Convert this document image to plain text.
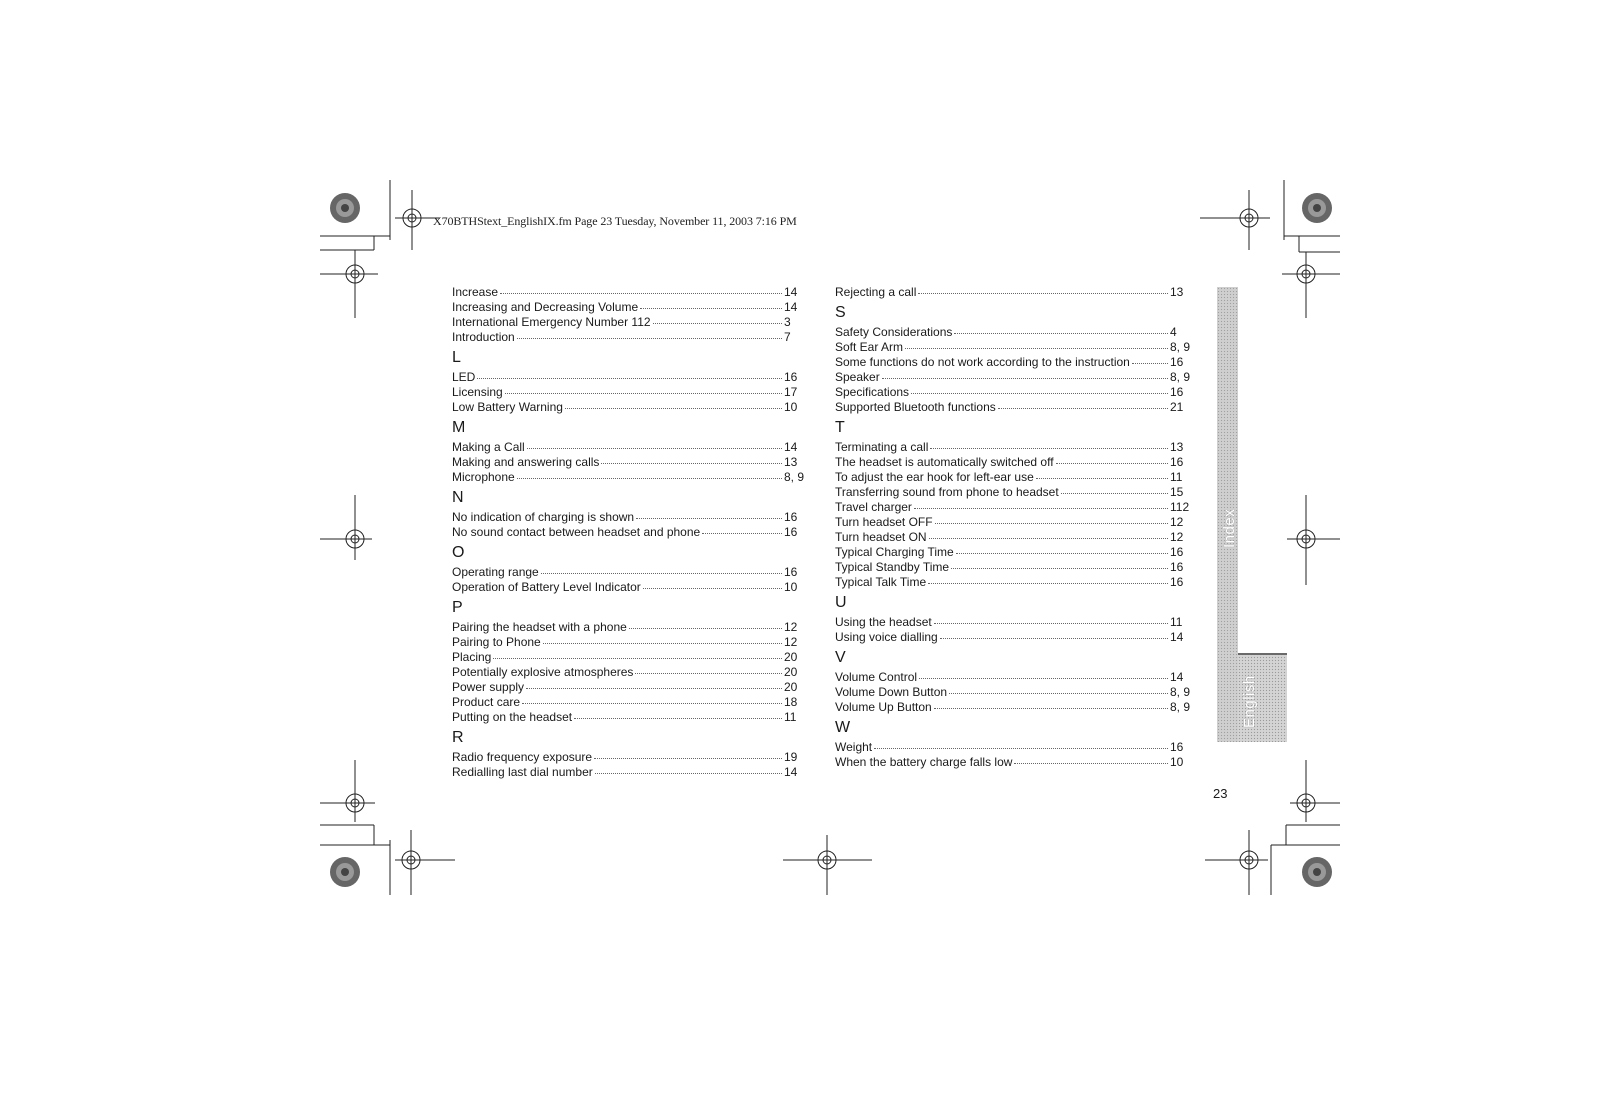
X70BTHStext_EnglishIX.fm Page 23 Tuesday, November 11, 2003 7:16 PM
Increase	14
Increasing and Decreasing Volume	14
International Emergency Number 112	3
Introduction	7
L
LED	16
Licensing	17
Low Battery Warning	10
M
Making a Call	14
Making and answering calls	13
Microphone	8, 9
N
No indication of charging is shown	16
No sound contact between headset and phone	16
O
Operating range	16
Operation of Battery Level Indicator	10
P
Pairing the headset with a phone	12
Pairing to Phone	12
Placing	20
Potentially explosive atmospheres	20
Power supply	20
Product care	18
Putting on the headset	11
R
Radio frequency exposure	19
Redialling last dial number	14
Rejecting a call	13
S
Safety Considerations	4
Soft Ear Arm	8, 9
Some functions do not work according to the instruction	16
Speaker	8, 9
Specifications	16
Supported Bluetooth functions	21
T
Terminating a call	13
The headset is automatically switched off	16
To adjust the ear hook for left-ear use	11
Transferring sound from phone to headset	15
Travel charger	112
Turn headset OFF	12
Turn headset ON	12
Typical Charging Time	16
Typical Standby Time	16
Typical Talk Time	16
U
Using the headset	11
Using voice dialling	14
V
Volume Control	14
Volume Down Button	8, 9
Volume Up Button	8, 9
W
Weight	16
When the battery charge falls low	10
Index
English
23
